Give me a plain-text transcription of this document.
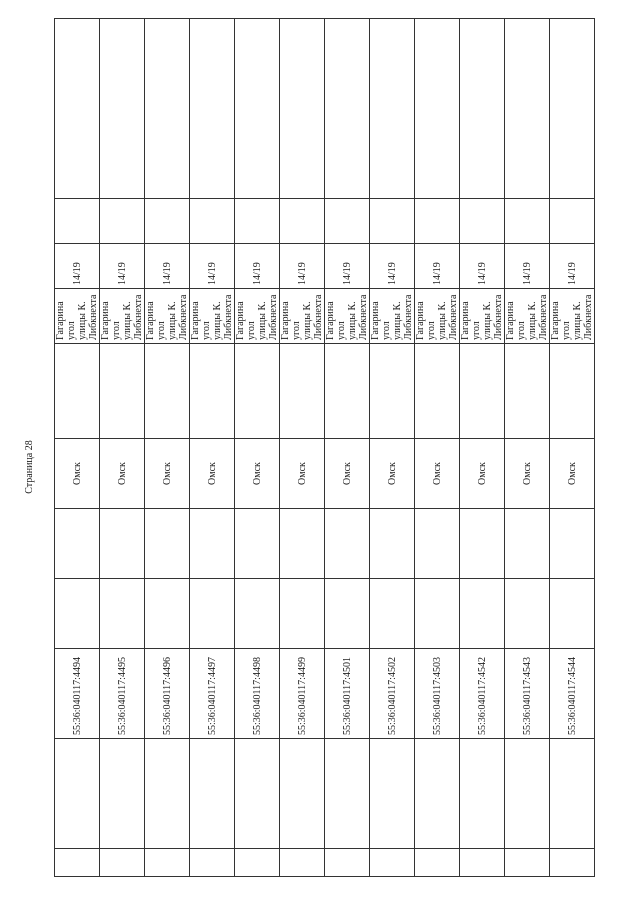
Страница 28
		55:36:040117:4494			Омск		Гагарина угол улицы К. Либкнехта	14/19		
		55:36:040117:4495			Омск		Гагарина угол улицы К. Либкнехта	14/19		
		55:36:040117:4496			Омск		Гагарина угол улицы К. Либкнехта	14/19		
		55:36:040117:4497			Омск		Гагарина угол улицы К. Либкнехта	14/19		
		55:36:040117:4498			Омск		Гагарина угол улицы К. Либкнехта	14/19		
		55:36:040117:4499			Омск		Гагарина угол улицы К. Либкнехта	14/19		
		55:36:040117:4501			Омск		Гагарина угол улицы К. Либкнехта	14/19		
		55:36:040117:4502			Омск		Гагарина угол улицы К. Либкнехта	14/19		
		55:36:040117:4503			Омск		Гагарина угол улицы К. Либкнехта	14/19		
		55:36:040117:4542			Омск		Гагарина угол улицы К. Либкнехта	14/19		
		55:36:040117:4543			Омск		Гагарина угол улицы К. Либкнехта	14/19		
		55:36:040117:4544			Омск		Гагарина угол улицы К. Либкнехта	14/19		
